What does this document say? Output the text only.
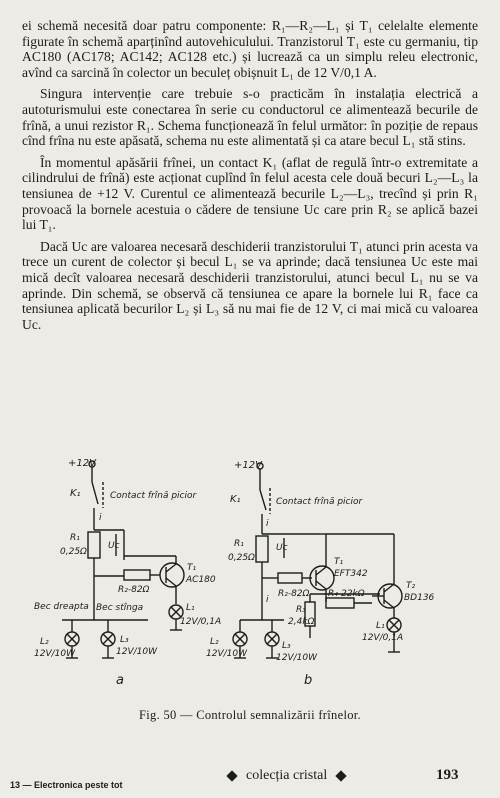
ei schemă necesită doar patru componente: R₁—R₂—L₁ și T₁ celelalte elemente figurate în schemă aparținînd autovehiculului. Tranzistorul T₁ este cu germaniu, tip AC180 (AC178; AC142; AC128 etc.) și lucrează ca un simplu releu electronic, avînd ca sarcină în colector un beculeț obișnuit L₁ de 12 V/0,1 A.

Singura intervenție care trebuie s-o practicăm în instalația electrică a autoturismului este conectarea în serie cu conductorul ce alimentează becurile de frînă, a unui rezistor R₁. Schema funcționează în felul următor: în poziție de repaus cînd frîna nu este apăsată, schema nu este alimentată și ca atare becul L₁ stă stins.

În momentul apăsării frînei, un contact K₁ (aflat de regulă într-o extremitate a cilindrului de frînă) este acționat cuplînd în felul acesta cele două becuri L₂—L₃ la tensiunea de +12 V. Curentul ce alimentează becurile L₂—L₃, trecînd și prin R₁ provoacă la bornele acestuia o cădere de tensiune Uc care prin R₂ se aplică bazei lui T₁.

Dacă Uc are valoarea necesară deschiderii tranzistorului T₁ atunci prin acesta va trece un curent de colector și becul L₁ se va aprinde; dacă tensiunea Uc este mai mică decît valoarea necesară deschiderii tranzistorului, atunci becul L₁ nu se va aprinde. Din schemă, se observă că tensiunea ce apare la bornele lui R₁ face ca tensiunea aplicată becurilor L₂ și L₃ să nu mai fie de 12 V, ci mai mică cu valoarea Uc.

+12V
K₁	Contact frînă picior
i
R₁
0,25Ω
Uc
R₂-82Ω
T₁
AC180
L₁
12V/0,1A
Bec dreapta Bec stînga
L₂
12V/10W
L₃
12V/10W
a
+12V
K₁	Contact frînă picior
i
R₁
0,25Ω
Uc
R₂-82Ω
T₁
EFT342
R₃
2,4kΩ
R₄-22kΩ
T₂
BD136
L₁
12V/0,1A
i
L₂
12V/10W
L₃
12V/10W
b
Fig. 50 — Controlul semnalizării frînelor.
13 — Electronica peste tot
colecția cristal	193
